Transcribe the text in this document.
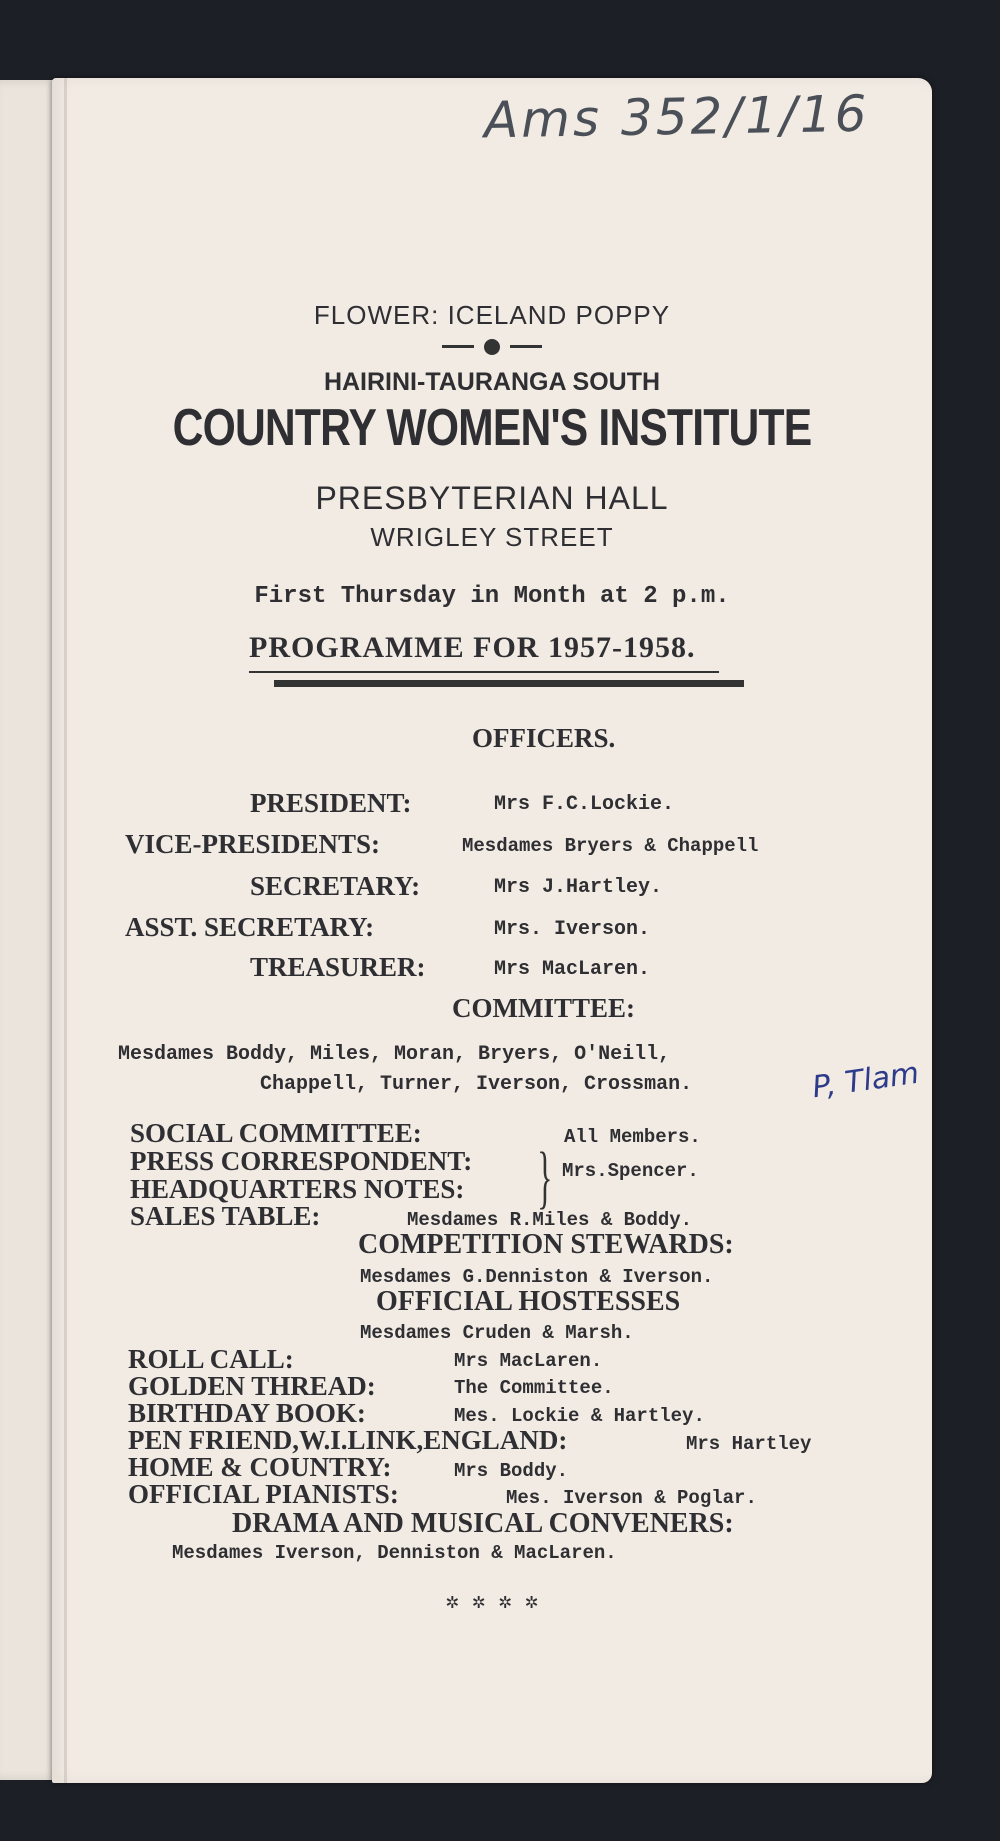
Ams 352/1/16
FLOWER: ICELAND POPPY
HAIRINI-TAURANGA SOUTH
COUNTRY WOMEN'S INSTITUTE
PRESBYTERIAN HALL
WRIGLEY STREET
First Thursday in Month at 2 p.m.
PROGRAMME FOR 1957-1958.
OFFICERS.
PRESIDENT:	Mrs F.C.Lockie.
VICE-PRESIDENTS:	Mesdames Bryers & Chappell
SECRETARY:	Mrs J.Hartley.
ASST. SECRETARY:	Mrs. Iverson.
TREASURER:	Mrs MacLaren.
COMMITTEE:
Mesdames Boddy, Miles, Moran, Bryers, O'Neill,
Chappell, Turner, Iverson, Crossman.	P, Tlam
SOCIAL COMMITTEE:	All Members.
PRESS CORRESPONDENT:
HEADQUARTERS NOTES: } Mrs.Spencer.
SALES TABLE:	Mesdames R.Miles & Boddy.
COMPETITION STEWARDS:
Mesdames G.Denniston & Iverson.
OFFICIAL HOSTESSES
Mesdames Cruden & Marsh.
ROLL CALL:	Mrs MacLaren.
GOLDEN THREAD:	The Committee.
BIRTHDAY BOOK:	Mes. Lockie & Hartley.
PEN FRIEND,W.I.LINK,ENGLAND:	Mrs Hartley
HOME & COUNTRY:	Mrs Boddy.
OFFICIAL PIANISTS:	Mes. Iverson & Poglar.
DRAMA AND MUSICAL CONVENERS:
Mesdames Iverson, Denniston & MacLaren.
✲ ✲ ✲ ✲
